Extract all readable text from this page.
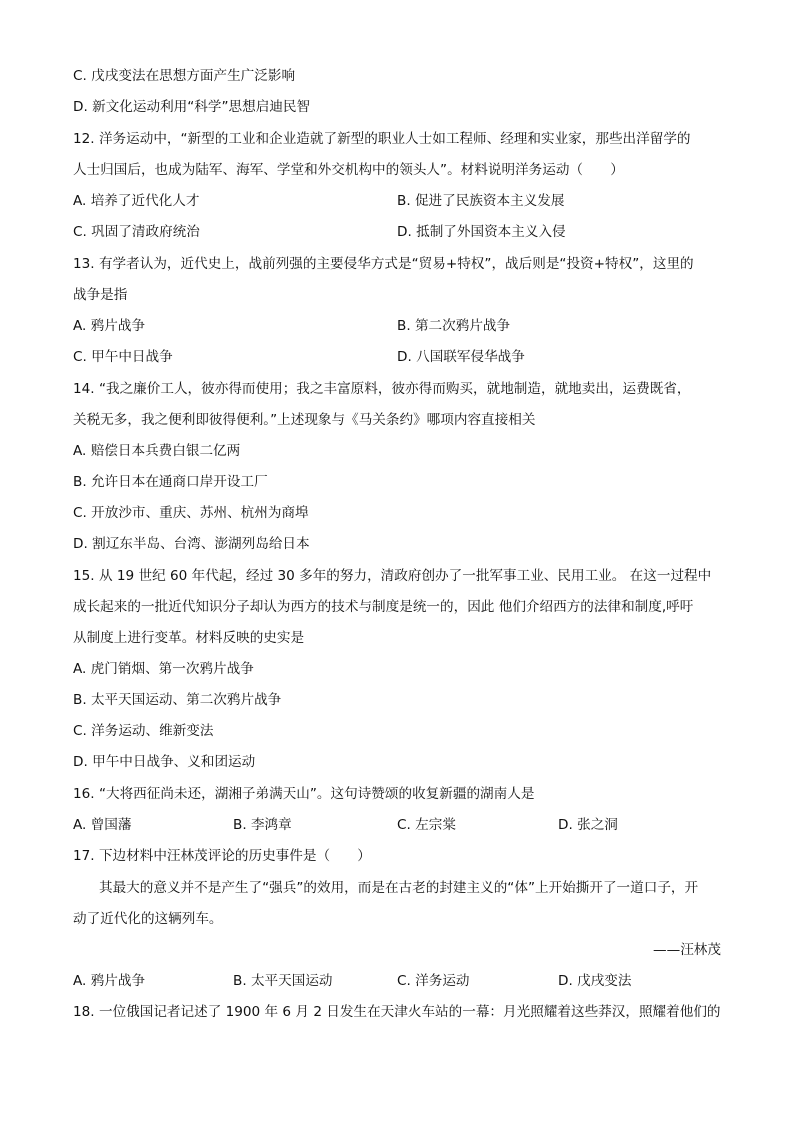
C. 戊戌变法在思想方面产生广泛影响
D. 新文化运动利用“科学”思想启迪民智
12. 洋务运动中，“新型的工业和企业造就了新型的职业人士如工程师、经理和实业家，那些出洋留学的
人士归国后，也成为陆军、海军、学堂和外交机构中的领头人”。材料说明洋务运动（　　）
A. 培养了近代化人才	B. 促进了民族资本主义发展
C. 巩固了清政府统治	D. 抵制了外国资本主义入侵
13. 有学者认为，近代史上，战前列强的主要侵华方式是“贸易+特权”，战后则是“投资+特权”，这里的
战争是指
A. 鸦片战争	B. 第二次鸦片战争
C. 甲午中日战争	D. 八国联军侵华战争
14. “我之廉价工人，彼亦得而使用；我之丰富原料，彼亦得而购买，就地制造，就地卖出，运费既省，
关税无多，我之便利即彼得便利。”上述现象与《马关条约》哪项内容直接相关
A. 赔偿日本兵费白银二亿两
B. 允许日本在通商口岸开设工厂
C. 开放沙市、重庆、苏州、杭州为商埠
D. 割辽东半岛、台湾、澎湖列岛给日本
15. 从 19 世纪 60 年代起，经过 30 多年的努力，清政府创办了一批军事工业、民用工业。 在这一过程中
成长起来的一批近代知识分子却认为西方的技术与制度是统一的，因此 他们介绍西方的法律和制度,呼吁
从制度上进行变革。材料反映的史实是
A. 虎门销烟、第一次鸦片战争
B. 太平天国运动、第二次鸦片战争
C. 洋务运动、维新变法
D. 甲午中日战争、义和团运动
16. “大将西征尚未还，湖湘子弟满天山”。这句诗赞颂的收复新疆的湖南人是
A. 曾国藩	B. 李鸿章	C. 左宗棠	D. 张之洞
17. 下边材料中汪林茂评论的历史事件是（　　）
其最大的意义并不是产生了“强兵”的效用，而是在古老的封建主义的“体”上开始撕开了一道口子，开
动了近代化的这辆列车。
——汪林茂
A. 鸦片战争	B. 太平天国运动	C. 洋务运动	D. 戊戌变法
18. 一位俄国记者记述了 1900 年 6 月 2 日发生在天津火车站的一幕：月光照耀着这些莽汉，照耀着他们的
